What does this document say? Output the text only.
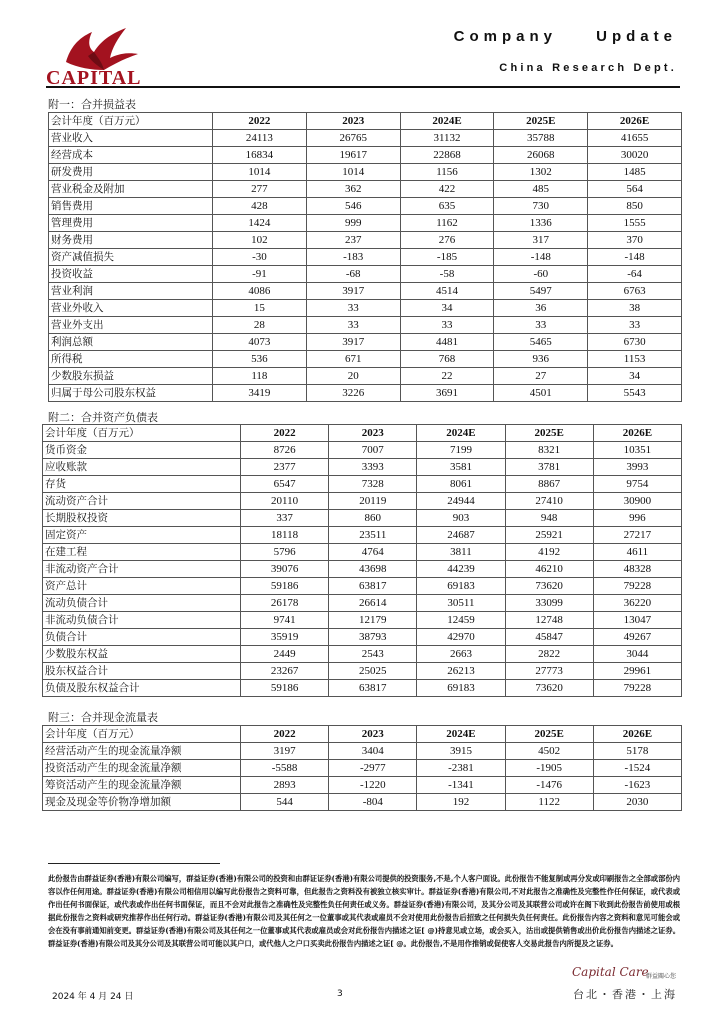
CAPITAL
Company Update
China Research Dept.
附一：合并损益表
会计年度（百万元）	2022	2023	2024E	2025E	2026E
营业收入	24113	26765	31132	35788	41655
经营成本	16834	19617	22868	26068	30020
研发费用	1014	1014	1156	1302	1485
营业税金及附加	277	362	422	485	564
销售费用	428	546	635	730	850
管理费用	1424	999	1162	1336	1555
财务费用	102	237	276	317	370
资产减值损失	-30	-183	-185	-148	-148
投资收益	-91	-68	-58	-60	-64
营业利润	4086	3917	4514	5497	6763
营业外收入	15	33	34	36	38
营业外支出	28	33	33	33	33
利润总额	4073	3917	4481	5465	6730
所得税	536	671	768	936	1153
少数股东损益	118	20	22	27	34
归属于母公司股东权益	3419	3226	3691	4501	5543
附二：合并资产负债表
会计年度（百万元）	2022	2023	2024E	2025E	2026E
货币资金	8726	7007	7199	8321	10351
应收账款	2377	3393	3581	3781	3993
存货	6547	7328	8061	8867	9754
流动资产合计	20110	20119	24944	27410	30900
长期股权投资	337	860	903	948	996
固定资产	18118	23511	24687	25921	27217
在建工程	5796	4764	3811	4192	4611
非流动资产合计	39076	43698	44239	46210	48328
资产总计	59186	63817	69183	73620	79228
流动负债合计	26178	26614	30511	33099	36220
非流动负债合计	9741	12179	12459	12748	13047
负债合计	35919	38793	42970	45847	49267
少数股东权益	2449	2543	2663	2822	3044
股东权益合计	23267	25025	26213	27773	29961
负债及股东权益合计	59186	63817	69183	73620	79228
附三：合并现金流量表
会计年度（百万元）	2022	2023	2024E	2025E	2026E
经营活动产生的现金流量净额	3197	3404	3915	4502	5178
投资活动产生的现金流量净额	-5588	-2977	-2381	-1905	-1524
筹资活动产生的现金流量净额	2893	-1220	-1341	-1476	-1623
现金及现金等价物净增加额	544	-804	192	1122	2030
此份报告由群益证券(香港)有限公司编写，群益证券(香港)有限公司的投资和由群证证券(香港)有限公司提供的投资服务,不是,个人客户面设。此份报告不能复制或再分发或印刷报告之全部或部份内容以作任何用途。群益证券(香港)有限公司相信用以编写此份报告之资料可靠，但此报告之资料没有被独立核实审计。群益证券(香港)有限公司,不对此报告之准确性及完整性作任何保证，或代表或作出任何书面保证，或代表或作出任何书面保证，而且不会对此报告之准确性及完整性负任何责任或义务。群益证券(香港)有限公司，及其分公司及其联营公司或许在阁下收到此份报告前使用或根据此份报告之资料或研究推荐作出任何行动。群益证券(香港)有限公司及其任何之一位董事或其代表或雇员不会对使用此份报告后招致之任何损失负任何责任。此份报告内容之资料和意见可能会或会在没有事前通知前变更。群益证券(香港)有限公司及其任何之一位董事或其代表或雇员或会对此份报告内描述之证[ @)持意见或立场，或会买入，沽出或提供销售或出价此份报告内描述之证券。群益证券(香港)有限公司及其分公司及其联营公司可能以其户口，或代他人之户口买卖此份报告内描述之证[ @。此份报告,不是用作推销或促使客人交易此报告内所提及之证券。
2024 年 4 月 24 日	3
Capital Care
群益關心您
台北・香港・上海
